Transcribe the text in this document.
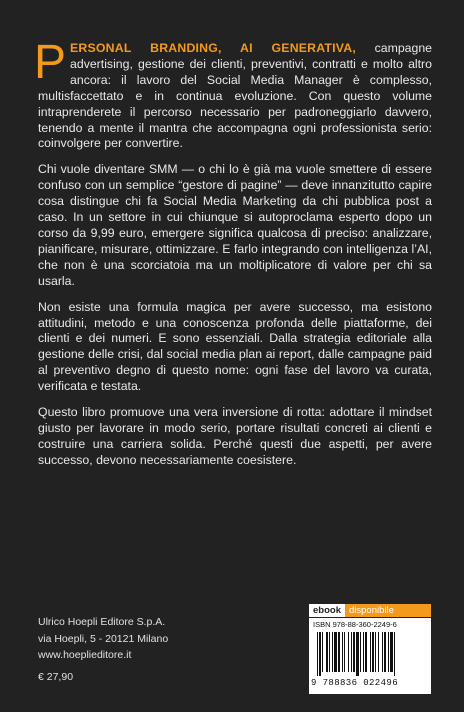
PERSONAL BRANDING, AI GENERATIVA, campagne advertising, gestione dei clienti, preventivi, contratti e molto altro ancora: il lavoro del Social Media Manager è complesso, multisfaccettato e in continua evoluzione. Con questo volume intraprenderete il percorso necessario per padroneggiarlo davvero, tenendo a mente il mantra che accompagna ogni professionista serio: coinvolgere per convertire.

Chi vuole diventare SMM — o chi lo è già ma vuole smettere di essere confuso con un semplice “gestore di pagine” — deve innanzitutto capire cosa distingue chi fa Social Media Marketing da chi pubblica post a caso. In un settore in cui chiunque si autoproclama esperto dopo un corso da 9,99 euro, emergere significa qualcosa di preciso: analizzare, pianificare, misurare, ottimizzare. E farlo integrando con intelligenza l’AI, che non è una scorciatoia ma un moltiplicatore di valore per chi sa usarla.

Non esiste una formula magica per avere successo, ma esistono attitudini, metodo e una conoscenza profonda delle piattaforme, dei clienti e dei numeri. E sono essenziali. Dalla strategia editoriale alla gestione delle crisi, dal social media plan ai report, dalle campagne paid al preventivo degno di questo nome: ogni fase del lavoro va curata, verificata e testata.

Questo libro promuove una vera inversione di rotta: adottare il mindset giusto per lavorare in modo serio, portare risultati concreti ai clienti e costruire una carriera solida. Perché questi due aspetti, per avere successo, devono necessariamente coesistere.

Ulrico Hoepli Editore S.p.A.
via Hoepli, 5 - 20121 Milano
www.hoeplieditore.it
€ 27,90
ebook disponibile
ISBN 978-88-360-2249-6
9 788836 022496
